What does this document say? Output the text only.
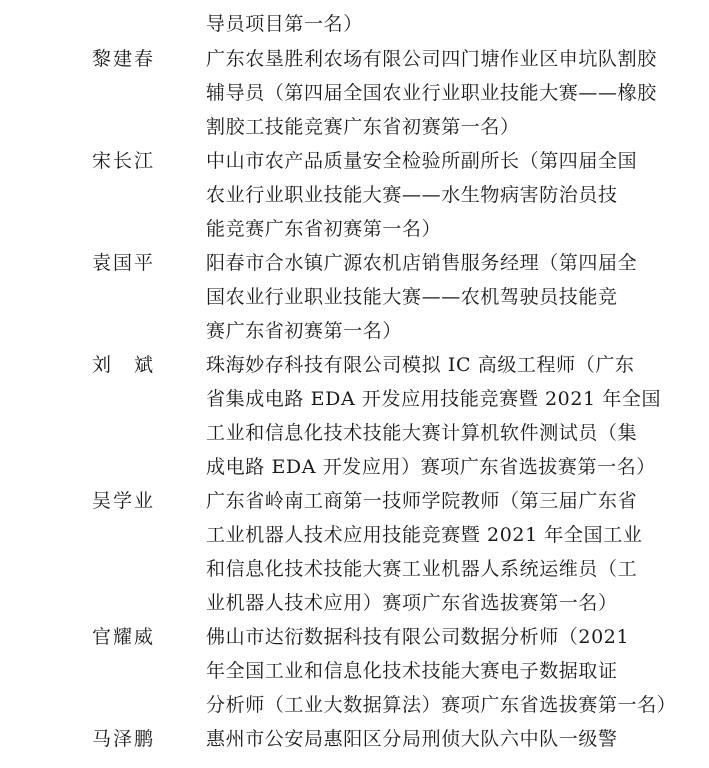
导员项目第一名）
黎建春	广东农垦胜利农场有限公司四门塘作业区申坑队割胶
辅导员（第四届全国农业行业职业技能大赛——橡胶
割胶工技能竞赛广东省初赛第一名）
宋长江	中山市农产品质量安全检验所副所长（第四届全国
农业行业职业技能大赛——水生物病害防治员技
能竞赛广东省初赛第一名）
袁国平	阳春市合水镇广源农机店销售服务经理（第四届全
国农业行业职业技能大赛——农机驾驶员技能竞
赛广东省初赛第一名）
刘　斌	珠海妙存科技有限公司模拟 IC 高级工程师（广东
省集成电路 EDA 开发应用技能竞赛暨 2021 年全国
工业和信息化技术技能大赛计算机软件测试员（集
成电路 EDA 开发应用）赛项广东省选拔赛第一名）
吴学业	广东省岭南工商第一技师学院教师（第三届广东省
工业机器人技术应用技能竞赛暨 2021 年全国工业
和信息化技术技能大赛工业机器人系统运维员（工
业机器人技术应用）赛项广东省选拔赛第一名）
官耀威	佛山市达衍数据科技有限公司数据分析师（2021
年全国工业和信息化技术技能大赛电子数据取证
分析师（工业大数据算法）赛项广东省选拔赛第一名）
马泽鹏	惠州市公安局惠阳区分局刑侦大队六中队一级警
